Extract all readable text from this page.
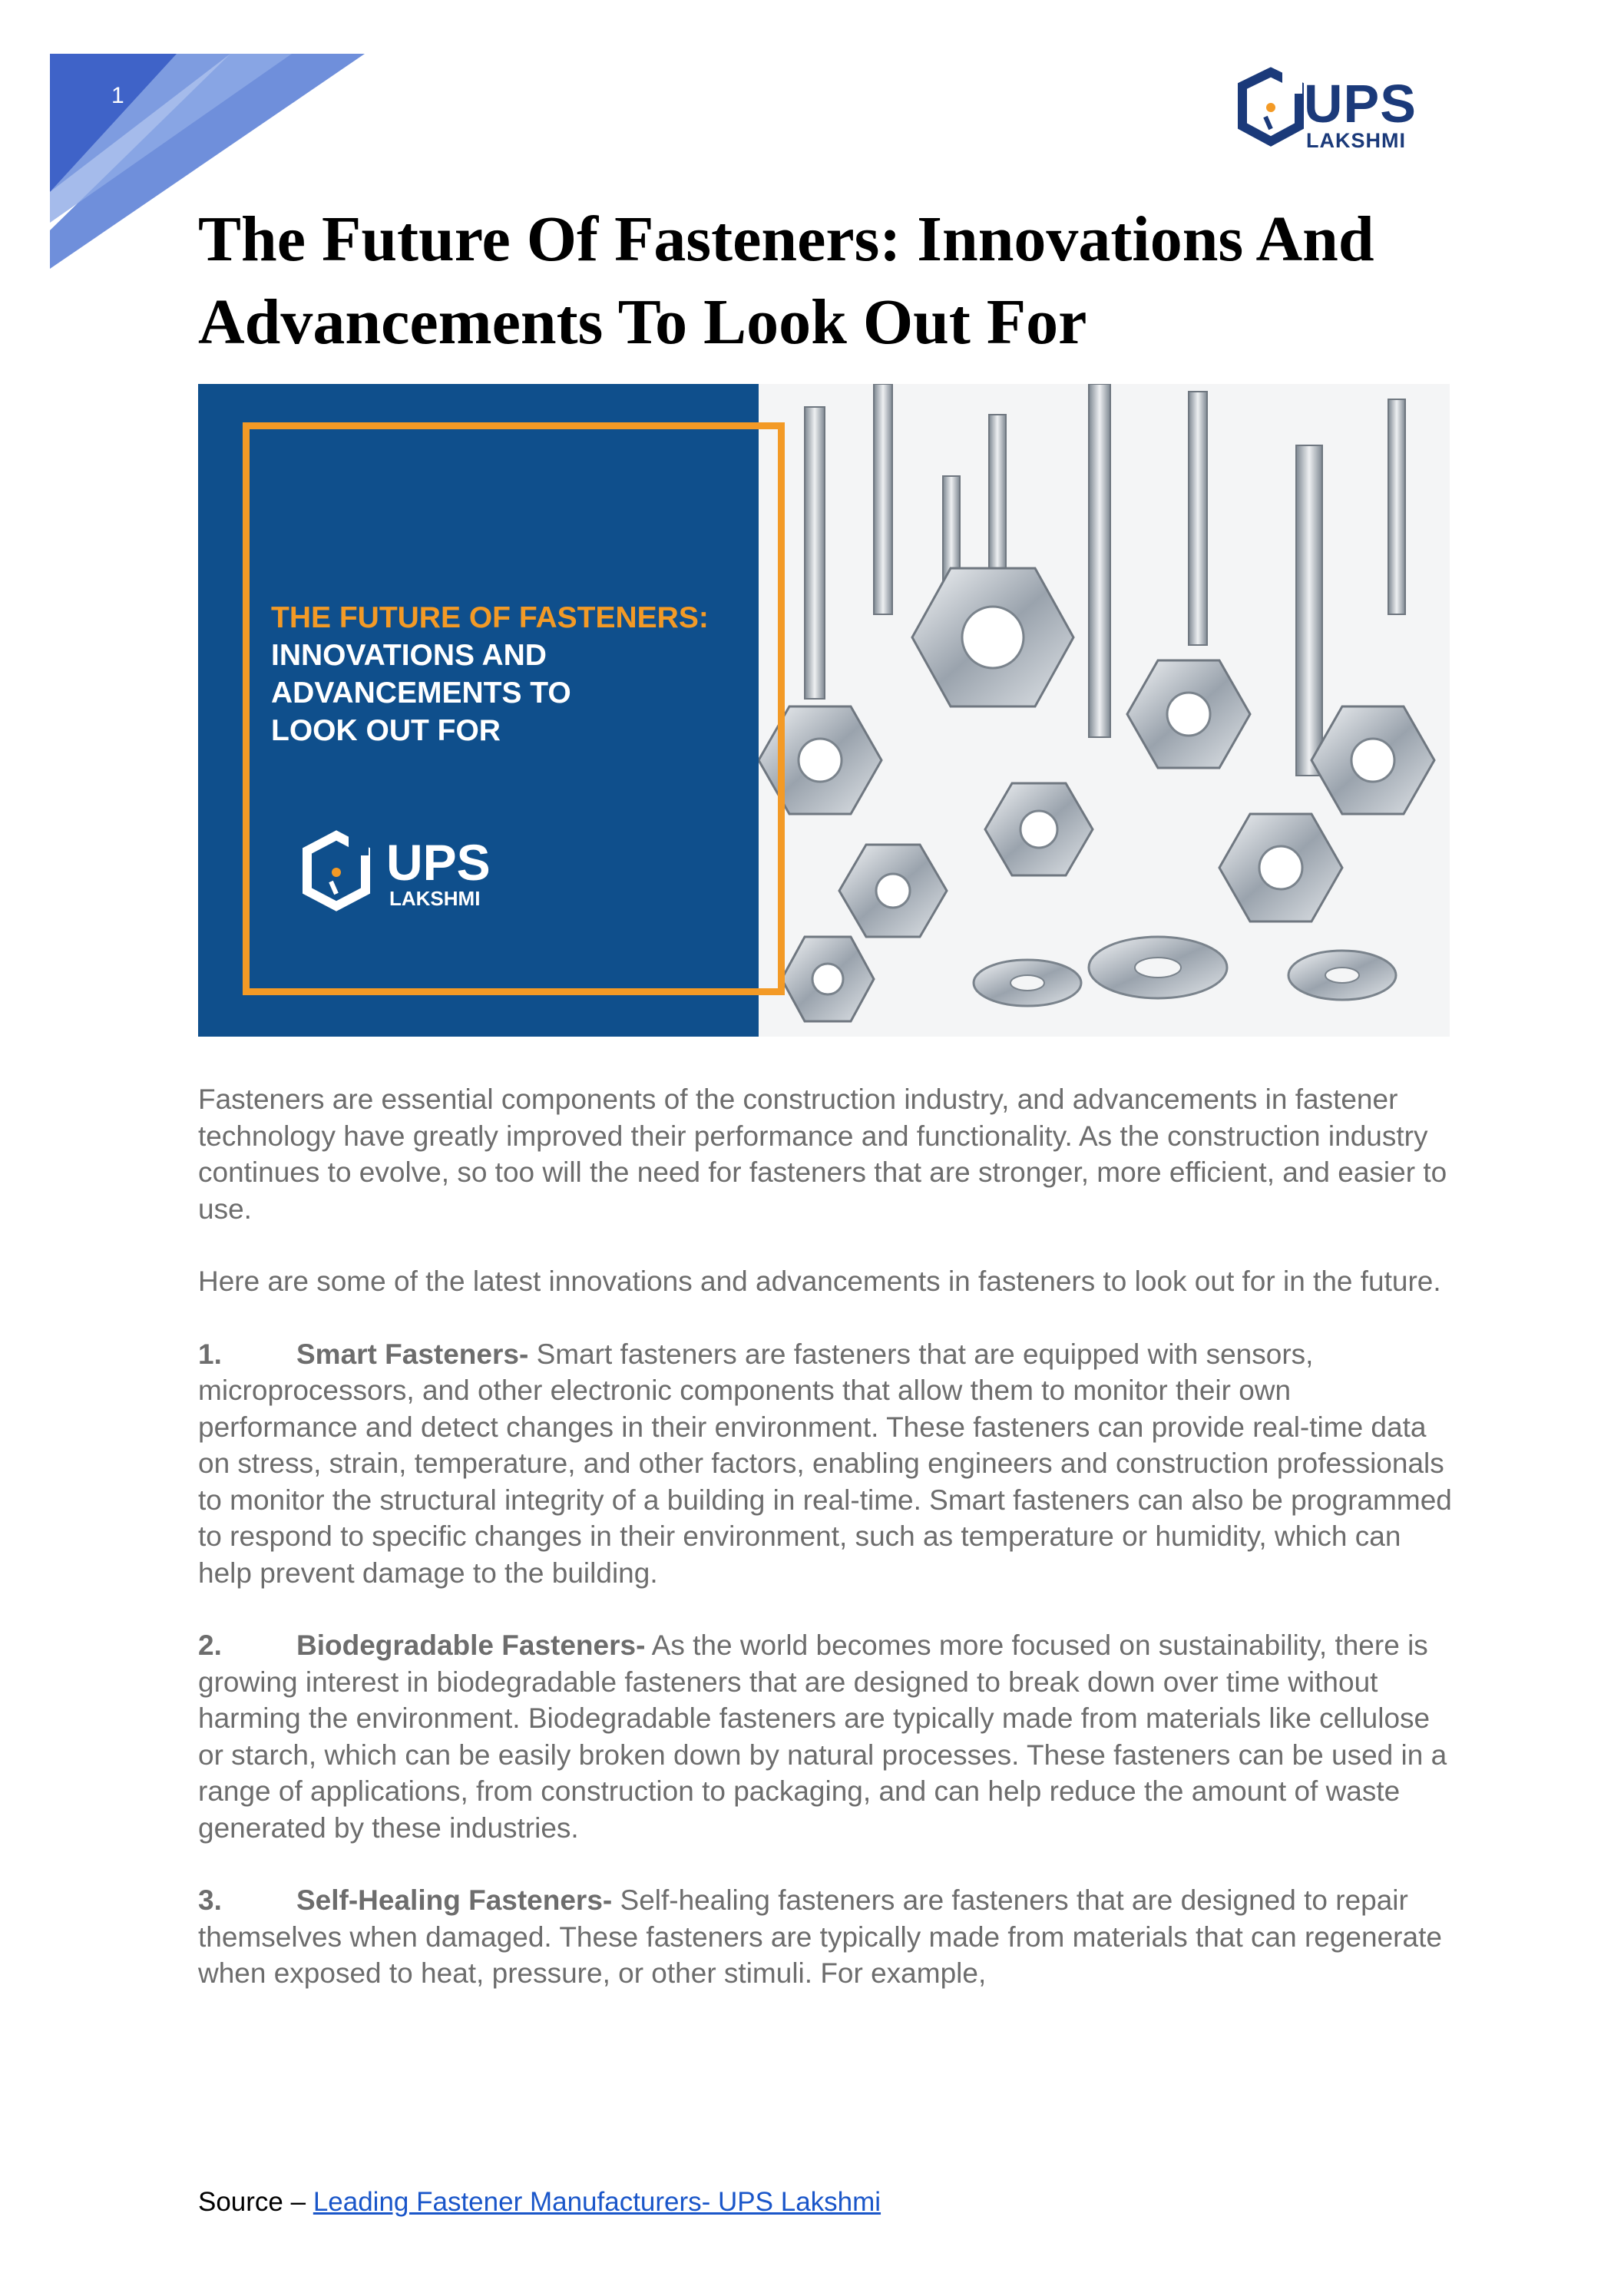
1	UPS
LAKSHMI
The Future Of Fasteners: Innovations And Advancements To Look Out For

THE FUTURE OF FASTENERS:
INNOVATIONS AND
ADVANCEMENTS TO
LOOK OUT FOR

UPS
LAKSHMI

Fasteners are essential components of the construction industry, and advancements in fastener technology have greatly improved their performance and functionality. As the construction industry continues to evolve, so too will the need for fasteners that are stronger, more efficient, and easier to use.

Here are some of the latest innovations and advancements in fasteners to look out for in the future.

1.	Smart Fasteners- Smart fasteners are fasteners that are equipped with sensors, microprocessors, and other electronic components that allow them to monitor their own performance and detect changes in their environment. These fasteners can provide real-time data on stress, strain, temperature, and other factors, enabling engineers and construction professionals to monitor the structural integrity of a building in real-time. Smart fasteners can also be programmed to respond to specific changes in their environment, such as temperature or humidity, which can help prevent damage to the building.

2.	Biodegradable Fasteners- As the world becomes more focused on sustainability, there is growing interest in biodegradable fasteners that are designed to break down over time without harming the environment. Biodegradable fasteners are typically made from materials like cellulose or starch, which can be easily broken down by natural processes. These fasteners can be used in a range of applications, from construction to packaging, and can help reduce the amount of waste generated by these industries.

3.	Self-Healing Fasteners- Self-healing fasteners are fasteners that are designed to repair themselves when damaged. These fasteners are typically made from materials that can regenerate when exposed to heat, pressure, or other stimuli. For example,

Source – Leading Fastener Manufacturers- UPS Lakshmi
